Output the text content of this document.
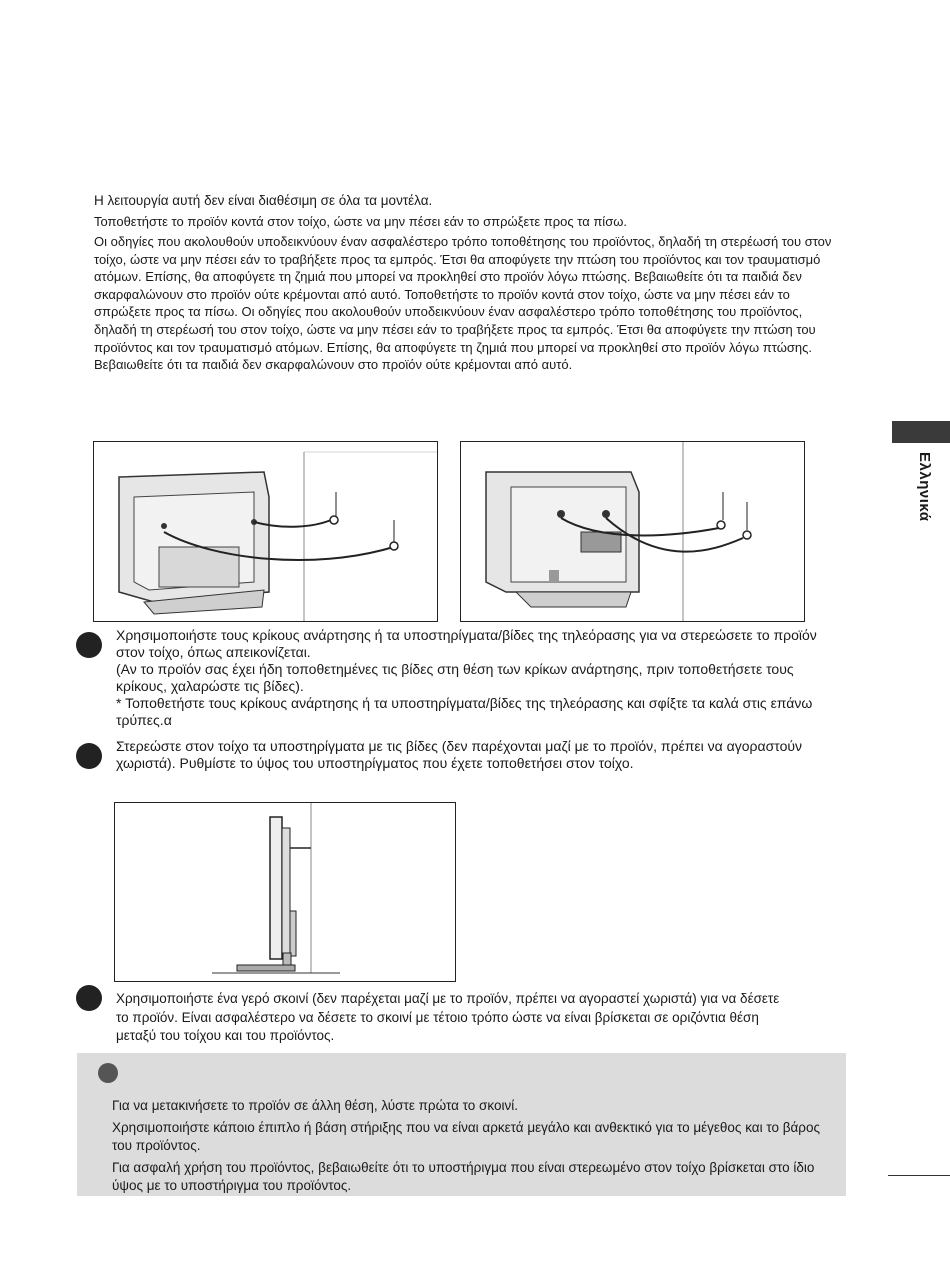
Η λειτουργία αυτή δεν είναι διαθέσιμη σε όλα τα μοντέλα.
Τοποθετήστε το προϊόν κοντά στον τοίχο, ώστε να μην πέσει εάν το σπρώξετε προς τα πίσω.

Οι οδηγίες που ακολουθούν υποδεικνύουν έναν ασφαλέστερο τρόπο τοποθέτησης του προϊόντος, δηλαδή τη στερέωσή του στον τοίχο, ώστε να μην πέσει εάν το τραβήξετε προς τα εμπρός. Έτσι θα αποφύγετε την πτώση του προϊόντος και τον τραυματισμό ατόμων. Επίσης, θα αποφύγετε τη ζημιά που μπορεί να προκληθεί στο προϊόν λόγω πτώσης. Βεβαιωθείτε ότι τα παιδιά δεν σκαρφαλώνουν στο προϊόν ούτε κρέμονται από αυτό. Τοποθετήστε το προϊόν κοντά στον τοίχο, ώστε να μην πέσει εάν το σπρώξετε προς τα πίσω. Οι οδηγίες που ακολουθούν υποδεικνύουν έναν ασφαλέστερο τρόπο τοποθέτησης του προϊόντος, δηλαδή τη στερέωσή του στον τοίχο, ώστε να μην πέσει εάν το τραβήξετε προς τα εμπρός. Έτσι θα αποφύγετε την πτώση του προϊόντος και τον τραυματισμό ατόμων. Επίσης, θα αποφύγετε τη ζημιά που μπορεί να προκληθεί στο προϊόν λόγω πτώσης. Βεβαιωθείτε ότι τα παιδιά δεν σκαρφαλώνουν στο προϊόν ούτε κρέμονται από αυτό.

Ελληνικά

Χρησιμοποιήστε τους κρίκους ανάρτησης ή τα υποστηρίγματα/βίδες της τηλεόρασης για να στερεώσετε το προϊόν στον τοίχο, όπως απεικονίζεται.

(Αν το προϊόν σας έχει ήδη τοποθετημένες τις βίδες στη θέση των κρίκων ανάρτησης, πριν τοποθετήσετε τους κρίκους, χαλαρώστε τις βίδες).

* Τοποθετήστε τους κρίκους ανάρτησης ή τα υποστηρίγματα/βίδες της τηλεόρασης και σφίξτε τα καλά στις επάνω τρύπες.α

Στερεώστε στον τοίχο τα υποστηρίγματα με τις βίδες (δεν παρέχονται μαζί με το προϊόν, πρέπει να αγοραστούν χωριστά). Ρυθμίστε το ύψος του υποστηρίγματος που έχετε τοποθετήσει στον τοίχο.

Χρησιμοποιήστε ένα γερό σκοινί (δεν παρέχεται μαζί με το προϊόν, πρέπει να αγοραστεί χωριστά) για να δέσετε το προϊόν. Είναι ασφαλέστερο να δέσετε το σκοινί με τέτοιο τρόπο ώστε να είναι βρίσκεται σε οριζόντια θέση μεταξύ του τοίχου και του προϊόντος.

Για να μετακινήσετε το προϊόν σε άλλη θέση, λύστε πρώτα το σκοινί.

Χρησιμοποιήστε κάποιο έπιπλο ή βάση στήριξης που να είναι αρκετά μεγάλο και ανθεκτικό για το μέγεθος και το βάρος του προϊόντος.

Για ασφαλή χρήση του προϊόντος, βεβαιωθείτε ότι το υποστήριγμα που είναι στερεωμένο στον τοίχο βρίσκεται στο ίδιο ύψος με το υποστήριγμα του προϊόντος.
